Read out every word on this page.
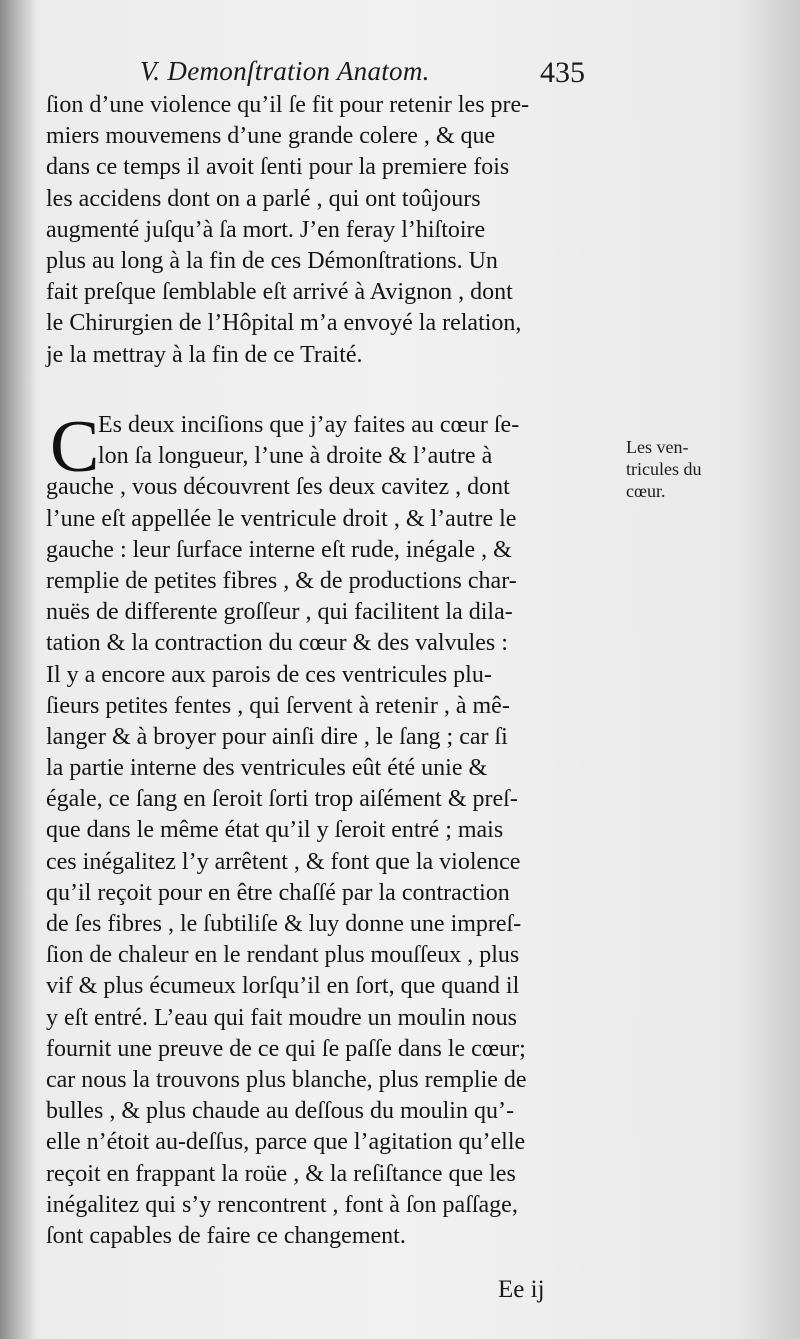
V. Demonſtration Anatom.	435
ſion d’une violence qu’il ſe fit pour retenir les pre-
miers mouvemens d’une grande colere , & que
dans ce temps il avoit ſenti pour la premiere fois
les accidens dont on a parlé , qui ont toûjours
augmenté juſqu’à ſa mort. J’en feray l’hiſtoire
plus au long à la fin de ces Démonſtrations. Un
fait preſque ſemblable eſt arrivé à Avignon , dont
le Chirurgien de l’Hôpital m’a envoyé la relation,
je la mettray à la fin de ce Traité.
C
Es deux inciſions que j’ay faites au cœur ſe-
lon ſa longueur, l’une à droite & l’autre à
gauche , vous découvrent ſes deux cavitez , dont
l’une eſt appellée le ventricule droit , & l’autre le
gauche : leur ſurface interne eſt rude, inégale , &
remplie de petites fibres , & de productions char-
nuës de differente groſſeur , qui facilitent la dila-
tation & la contraction du cœur & des valvules :
Il y a encore aux parois de ces ventricules plu-
ſieurs petites fentes , qui ſervent à retenir , à mê-
langer & à broyer pour ainſi dire , le ſang ; car ſi
la partie interne des ventricules eût été unie &
égale, ce ſang en ſeroit ſorti trop aiſément & preſ-
que dans le même état qu’il y ſeroit entré ; mais
ces inégalitez l’y arrêtent , & font que la violence
qu’il reçoit pour en être chaſſé par la contraction
de ſes fibres , le ſubtiliſe & luy donne une impreſ-
ſion de chaleur en le rendant plus mouſſeux , plus
vif & plus écumeux lorſqu’il en ſort, que quand il
y eſt entré. L’eau qui fait moudre un moulin nous
fournit une preuve de ce qui ſe paſſe dans le cœur;
car nous la trouvons plus blanche, plus remplie de
bulles , & plus chaude au deſſous du moulin qu’-
elle n’étoit au-deſſus, parce que l’agitation qu’elle
reçoit en frappant la roüe , & la reſiſtance que les
inégalitez qui s’y rencontrent , font à ſon paſſage,
ſont capables de faire ce changement.
Les ven-
tricules du
cœur.
Ee ij
